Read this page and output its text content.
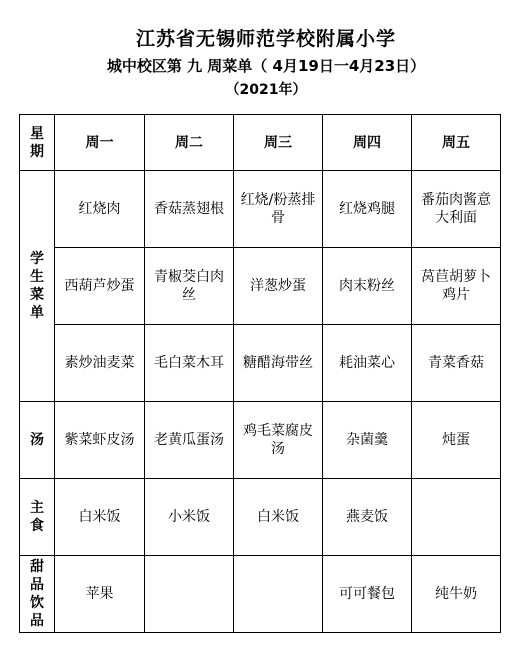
江苏省无锡师范学校附属小学
城中校区第 九 周菜单（ 4月19日一4月23日）
（2021年）
星期	周一	周二	周三	周四	周五
学生菜单	红烧肉	香菇蒸翅根	红烧/粉蒸排骨	红烧鸡腿	番茄肉酱意大利面
	西葫芦炒蛋	青椒茭白肉丝	洋葱炒蛋	肉末粉丝	莴苣胡萝卜鸡片
	素炒油麦菜	毛白菜木耳	糖醋海带丝	耗油菜心	青菜香菇
汤	紫菜虾皮汤	老黄瓜蛋汤	鸡毛菜腐皮汤	杂菌羹	炖蛋
主食	白米饭	小米饭	白米饭	燕麦饭	
甜品饮品	苹果			可可餐包	纯牛奶
